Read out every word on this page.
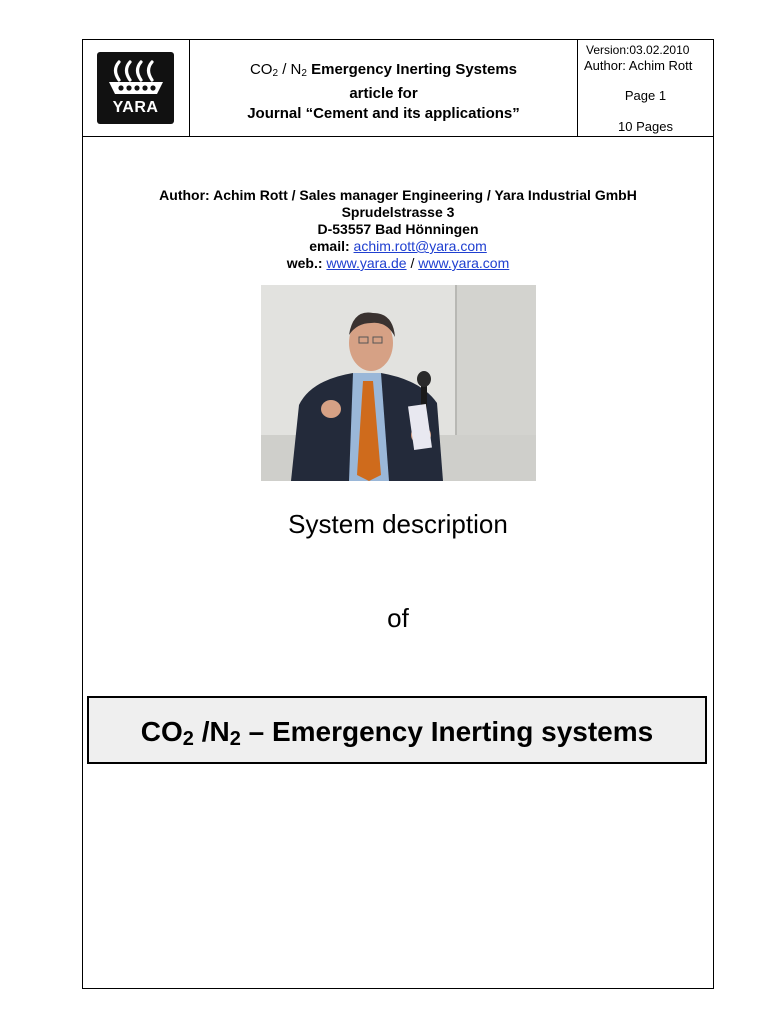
YARA
$CO_2 / N_2$ Emergency Inerting Systems
article for
Journal “Cement and its applications”
Version:03.02.2010
Author: Achim Rott
Page 1
10 Pages
Author: Achim Rott / Sales manager Engineering / Yara Industrial GmbH
Sprudelstrasse 3
D-53557 Bad Hönningen
email: achim.rott@yara.com
web.: www.yara.de / www.yara.com
System description
of
CO2 /N2 – Emergency Inerting systems
